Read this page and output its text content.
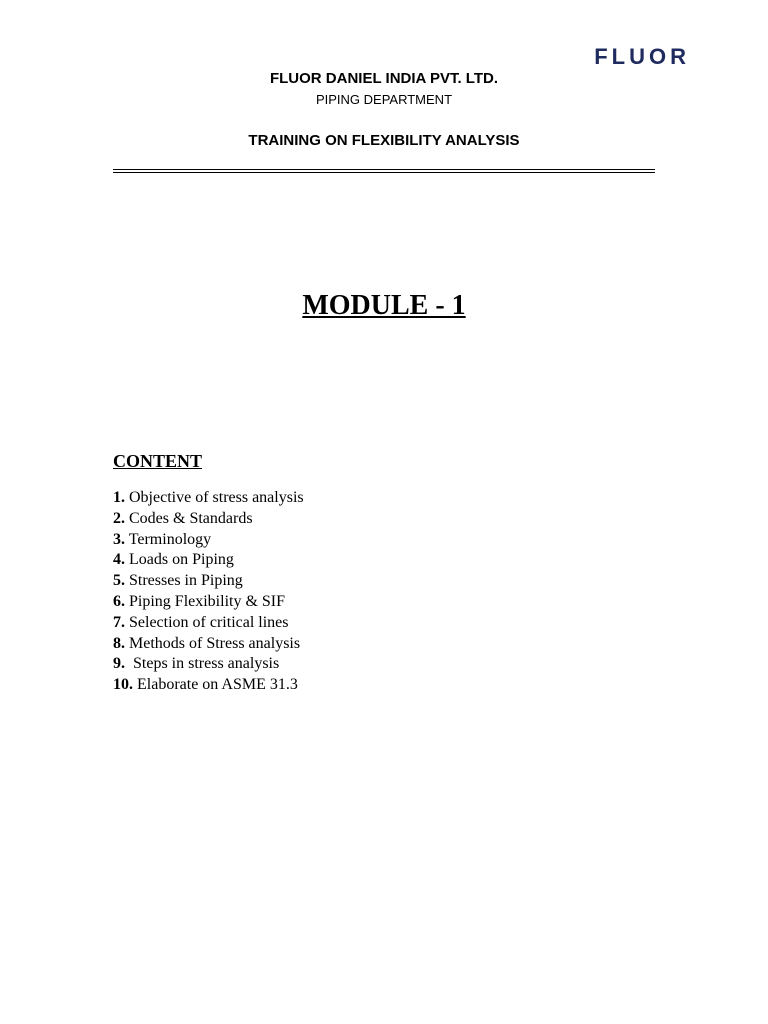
FLUOR
FLUOR DANIEL INDIA PVT. LTD.
PIPING DEPARTMENT
TRAINING ON FLEXIBILITY ANALYSIS
MODULE - 1
CONTENT
1. Objective of stress analysis
2. Codes & Standards
3. Terminology
4. Loads on Piping
5. Stresses in Piping
6. Piping Flexibility & SIF
7. Selection of critical lines
8. Methods of Stress analysis
9.  Steps in stress analysis
10. Elaborate on ASME 31.3
